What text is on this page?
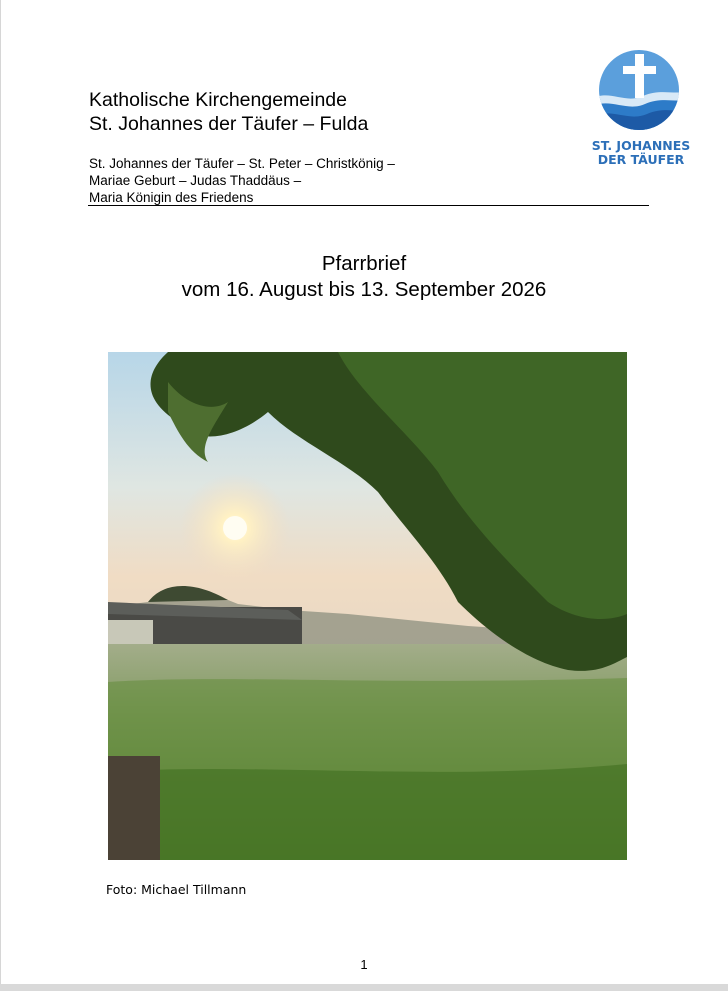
Katholische Kirchengemeinde
St. Johannes der Täufer – Fulda
St. Johannes der Täufer – St. Peter – Christkönig –
Mariae Geburt – Judas Thaddäus –
Maria Königin des Friedens
ST. JOHANNES
DER TÄUFER
Pfarrbrief
vom 16. August bis 13. September 2026
Foto: Michael Tillmann
1
